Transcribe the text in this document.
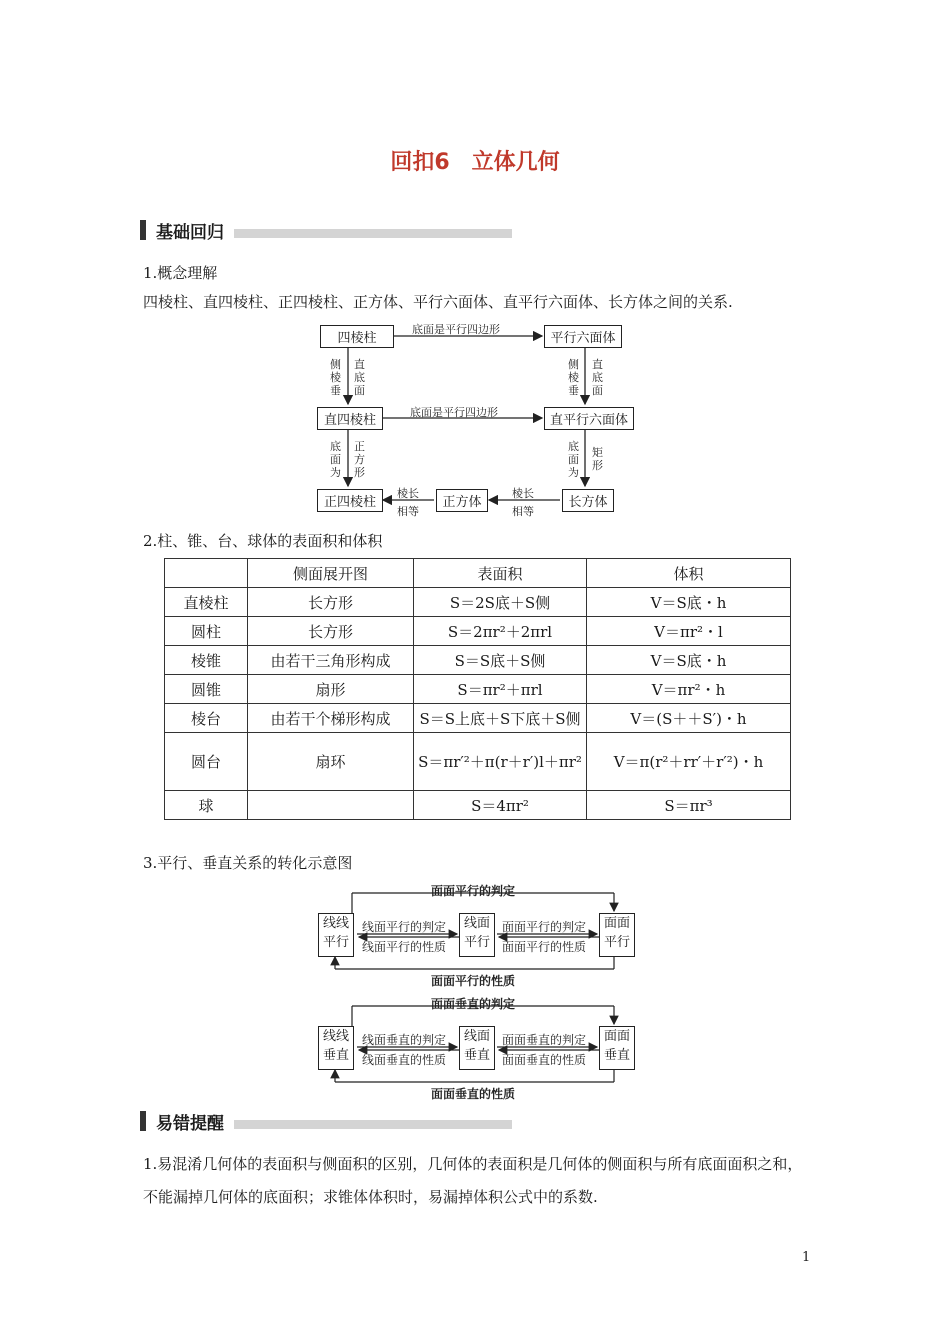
回扣6　立体几何
基础回归
1.概念理解
四棱柱、直四棱柱、正四棱柱、正方体、平行六面体、直平行六面体、长方体之间的关系.
四棱柱	平行六面体
直四棱柱	直平行六面体
正四棱柱	正方体	长方体
底面是平行四边形
底面是平行四边形
侧棱垂
直底面
侧棱垂
直底面
底面为
正方形
底面为
矩形
棱长
相等
棱长
相等
2.柱、锥、台、球体的表面积和体积
	侧面展开图	表面积	体积
直棱柱	长方形	S＝2S底＋S侧	V＝S底・h
圆柱	长方形	S＝2πr²＋2πrl	V＝πr²・l
棱锥	由若干三角形构成	S＝S底＋S侧	V＝S底・h
圆锥	扇形	S＝πr²＋πrl	V＝πr²・h
棱台	由若干个梯形构成	S＝S上底＋S下底＋S侧	V＝(S＋＋S′)・h
圆台	扇环	S＝πr′²＋π(r＋r′)l＋πr²	V＝π(r²＋rr′＋r′²)・h
球		S＝4πr²	S＝πr³
3.平行、垂直关系的转化示意图
面面平行的判定
线线平行
线面平行
面面平行
线面平行的判定
线面平行的性质
面面平行的判定
面面平行的性质
面面平行的性质
面面垂直的判定
线线垂直
线面垂直
面面垂直
线面垂直的判定
线面垂直的性质
面面垂直的判定
面面垂直的性质
面面垂直的性质
易错提醒
1.易混淆几何体的表面积与侧面积的区别，几何体的表面积是几何体的侧面积与所有底面面积之和，不能漏掉几何体的底面积；求锥体体积时，易漏掉体积公式中的系数.
1
